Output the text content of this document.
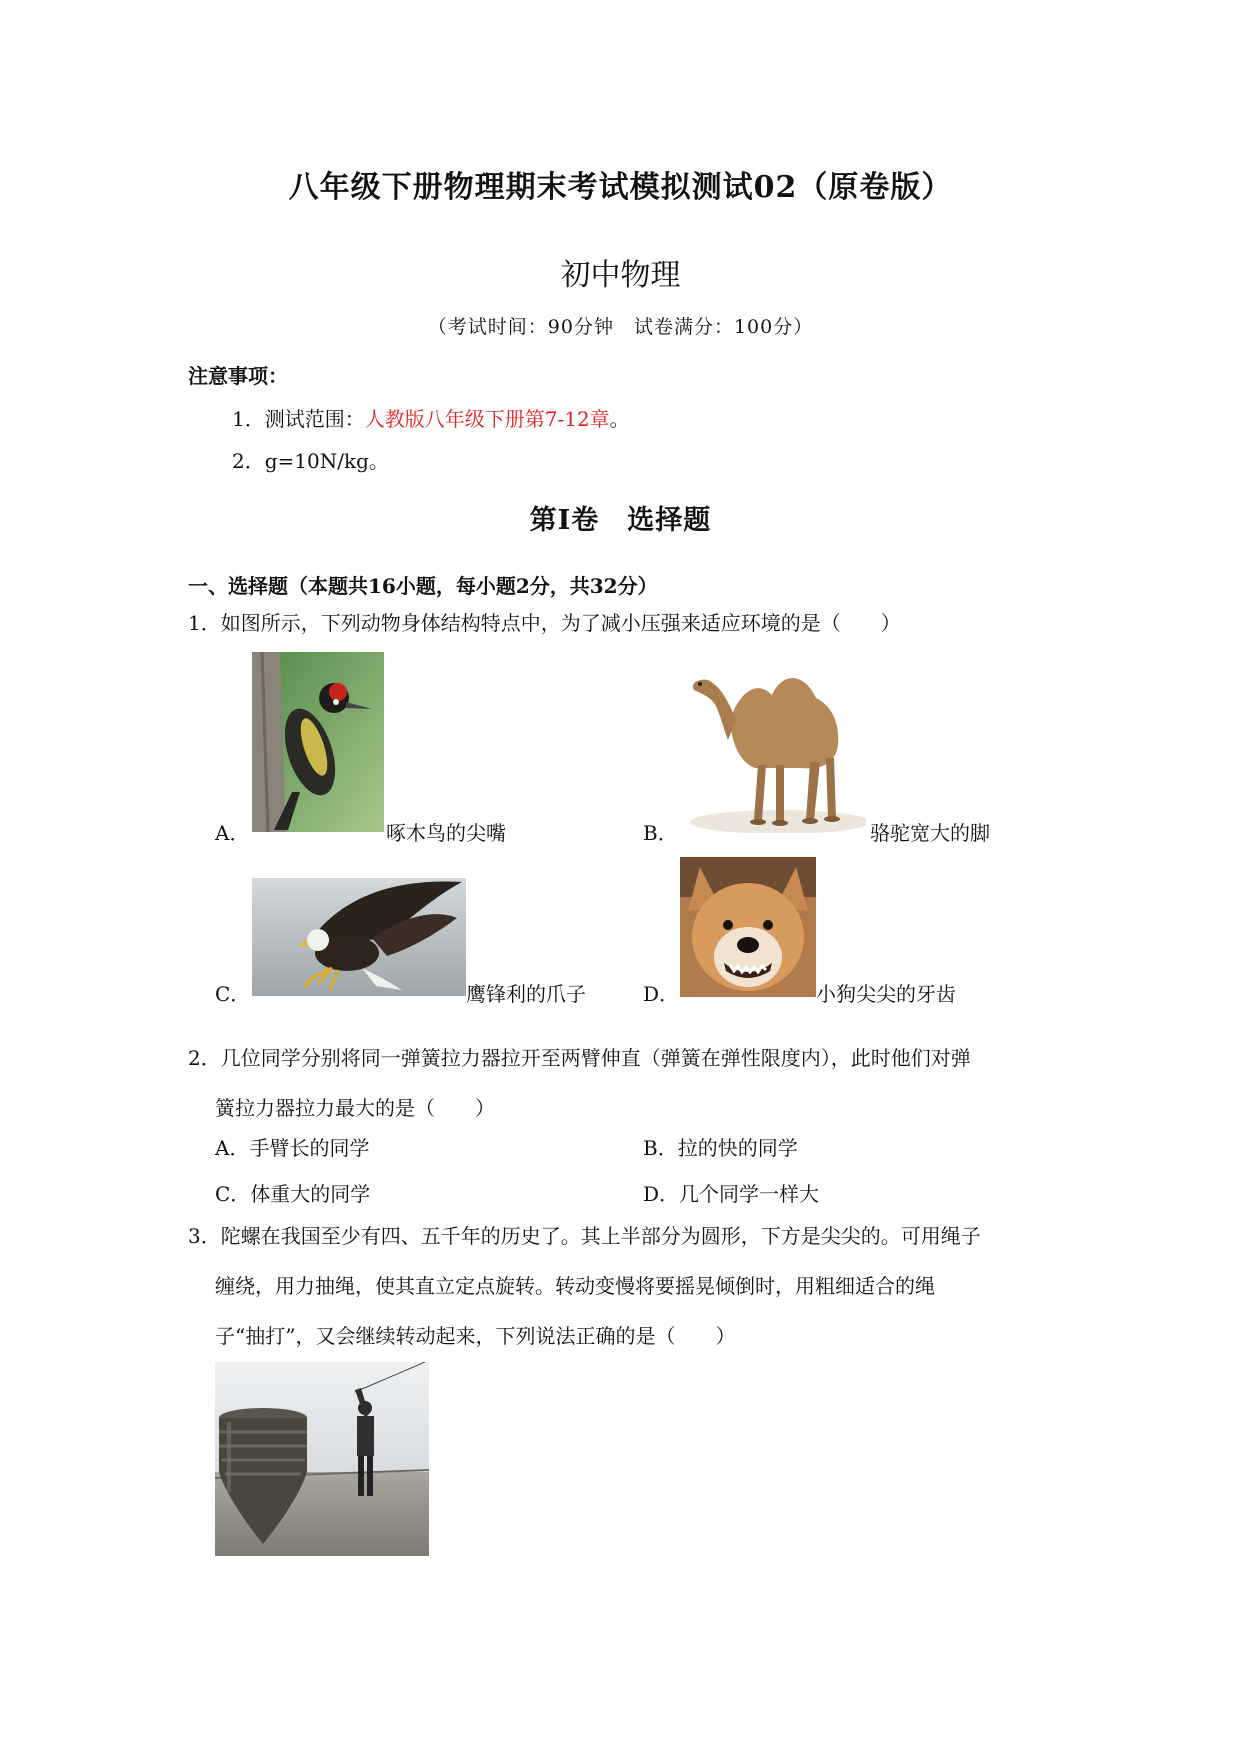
八年级下册物理期末考试模拟测试02（原卷版）
初中物理
（考试时间：90分钟　试卷满分：100分）
注意事项：
1．测试范围：人教版八年级下册第7-12章。
2．g=10N/kg。
第Ⅰ卷　选择题
一、选择题（本题共16小题，每小题2分，共32分）
1．如图所示，下列动物身体结构特点中，为了减小压强来适应环境的是（　　）
A．	啄木鸟的尖嘴	B．	骆驼宽大的脚
C．	鹰锋利的爪子	D．	小狗尖尖的牙齿
2．几位同学分别将同一弹簧拉力器拉开至两臂伸直（弹簧在弹性限度内），此时他们对弹
簧拉力器拉力最大的是（　　）
A．手臂长的同学	B．拉的快的同学
C．体重大的同学	D．几个同学一样大
3．陀螺在我国至少有四、五千年的历史了。其上半部分为圆形，下方是尖尖的。可用绳子
缠绕，用力抽绳，使其直立定点旋转。转动变慢将要摇晃倾倒时，用粗细适合的绳
子“抽打”，又会继续转动起来，下列说法正确的是（　　）
